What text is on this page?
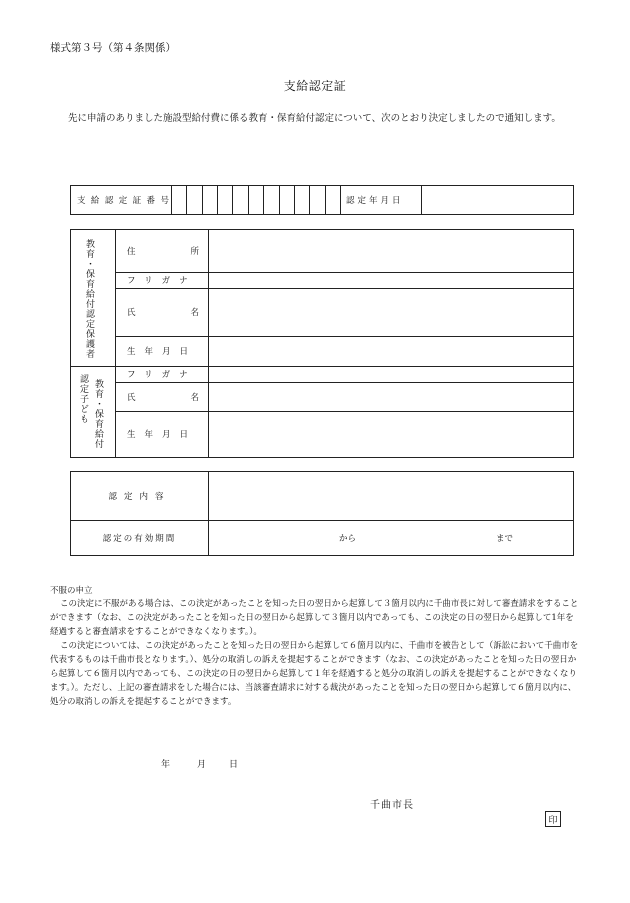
様式第３号（第４条関係）
支給認定証
先に申請のありました施設型給付費に係る教育・保育給付認定について、次のとおり決定しましたので通知します。
支 給 認 定 証 番 号	認定年月日
教育・保育給付認定保護者	住	所
フリガナ
氏	名
生年月日
教育・保育給付
認定子ども	フリガナ
氏	名
生年月日
認定内容
認定の有効期間	から	まで
不服の申立
この決定に不服がある場合は、この決定があったことを知った日の翌日から起算して３箇月以内に千曲市長に対して審査請求をすることができます（なお、この決定があったことを知った日の翌日から起算して３箇月以内であっても、この決定の日の翌日から起算して1年を経過すると審査請求をすることができなくなります。）。
この決定については、この決定があったことを知った日の翌日から起算して６箇月以内に、千曲市を被告として（訴訟において千曲市を代表するものは千曲市長となります。）、処分の取消しの訴えを提起することができます（なお、この決定があったことを知った日の翌日から起算して６箇月以内であっても、この決定の日の翌日から起算して１年を経過すると処分の取消しの訴えを提起することができなくなります。）。ただし、上記の審査請求をした場合には、当該審査請求に対する裁決があったことを知った日の翌日から起算して６箇月以内に、処分の取消しの訴えを提起することができます。
年	月	日
千曲市長
印
